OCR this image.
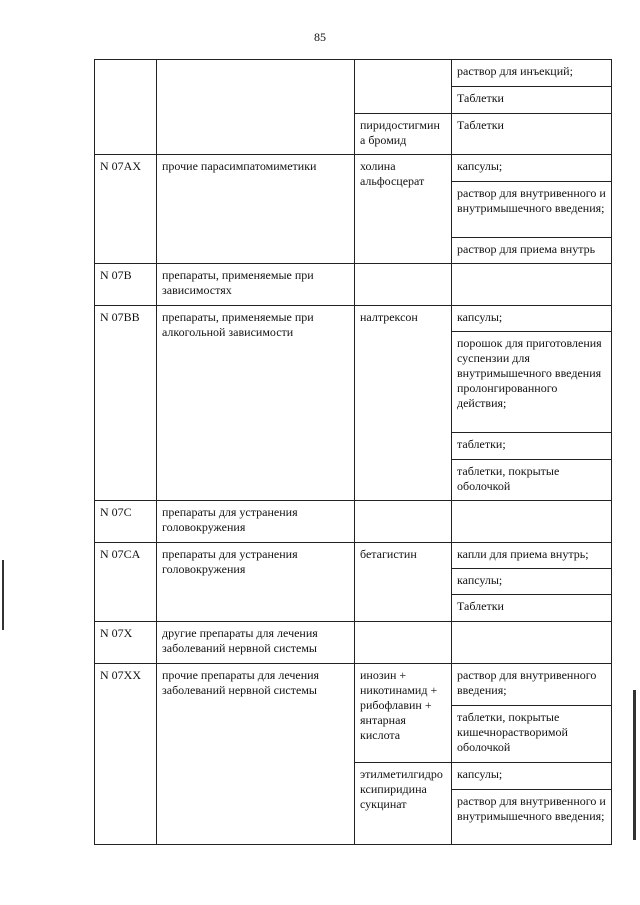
85
			раствор для инъекций;
			Таблетки
		пиридостигмин а бромид	Таблетки
N 07AX	прочие парасимпатомиметики	холина альфосцерат	капсулы;
			раствор для внутривенного и внутримышечного введения;
			раствор для приема внутрь
N 07B	препараты, применяемые при зависимостях		
N 07BB	препараты, применяемые при алкогольной зависимости	налтрексон	капсулы;
			порошок для приготовления суспензии для внутримышечного введения пролонгированного действия;
			таблетки;
			таблетки, покрытые оболочкой
N 07C	препараты для устранения головокружения		
N 07CA	препараты для устранения головокружения	бетагистин	капли для приема внутрь;
			капсулы;
			Таблетки
N 07X	другие препараты для лечения заболеваний нервной системы		
N 07XX	прочие препараты для лечения заболеваний нервной системы	инозин + никотинамид + рибофлавин + янтарная кислота	раствор для внутривенного введения;
			таблетки, покрытые кишечнорастворимой оболочкой
		этилметилгидро ксипиридина сукцинат	капсулы;
			раствор для внутривенного и внутримышечного введения;
